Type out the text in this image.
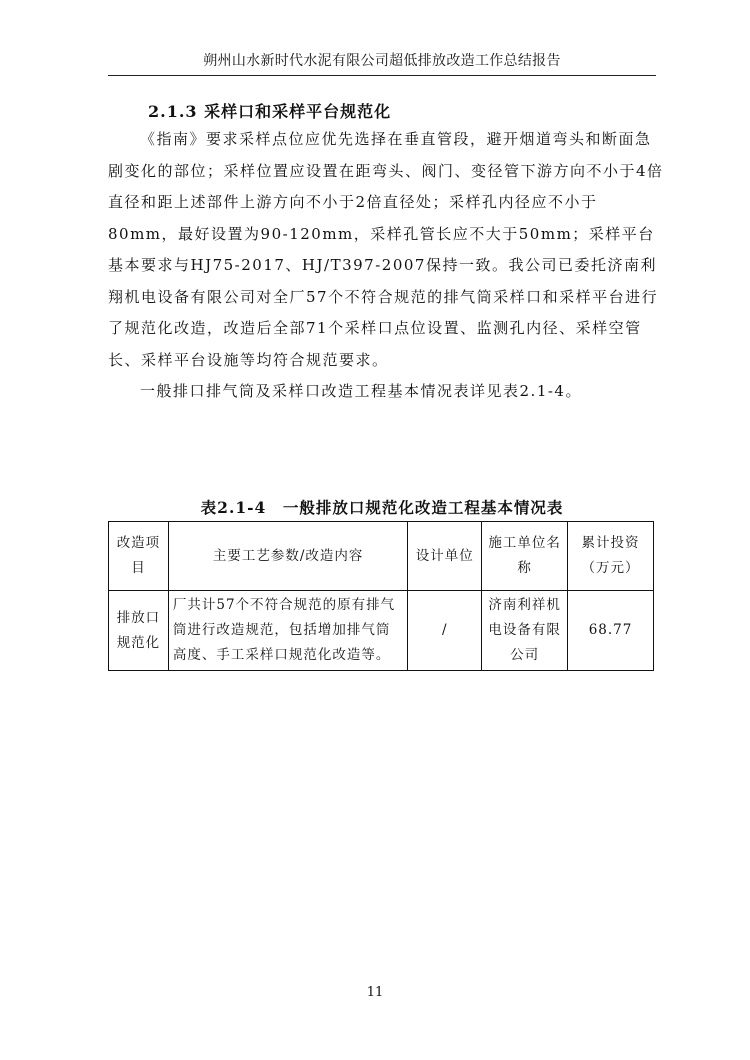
朔州山水新时代水泥有限公司超低排放改造工作总结报告
2.1.3 采样口和采样平台规范化

《指南》要求采样点位应优先选择在垂直管段，避开烟道弯头和断面急剧变化的部位；采样位置应设置在距弯头、阀门、变径管下游方向不小于4倍直径和距上述部件上游方向不小于2倍直径处；采样孔内径应不小于80mm，最好设置为90-120mm，采样孔管长应不大于50mm；采样平台基本要求与HJ75-2017、HJ/T397-2007保持一致。我公司已委托济南利翔机电设备有限公司对全厂57个不符合规范的排气筒采样口和采样平台进行了规范化改造，改造后全部71个采样口点位设置、监测孔内径、采样空管长、采样平台设施等均符合规范要求。

一般排口排气筒及采样口改造工程基本情况表详见表2.1-4。

表2.1-4　一般排放口规范化改造工程基本情况表
改造项目	主要工艺参数/改造内容	设计单位	施工单位名称	累计投资（万元）
排放口规范化	厂共计57个不符合规范的原有排气筒进行改造规范，包括增加排气筒高度、手工采样口规范化改造等。	/	济南利祥机电设备有限公司	68.77
11
